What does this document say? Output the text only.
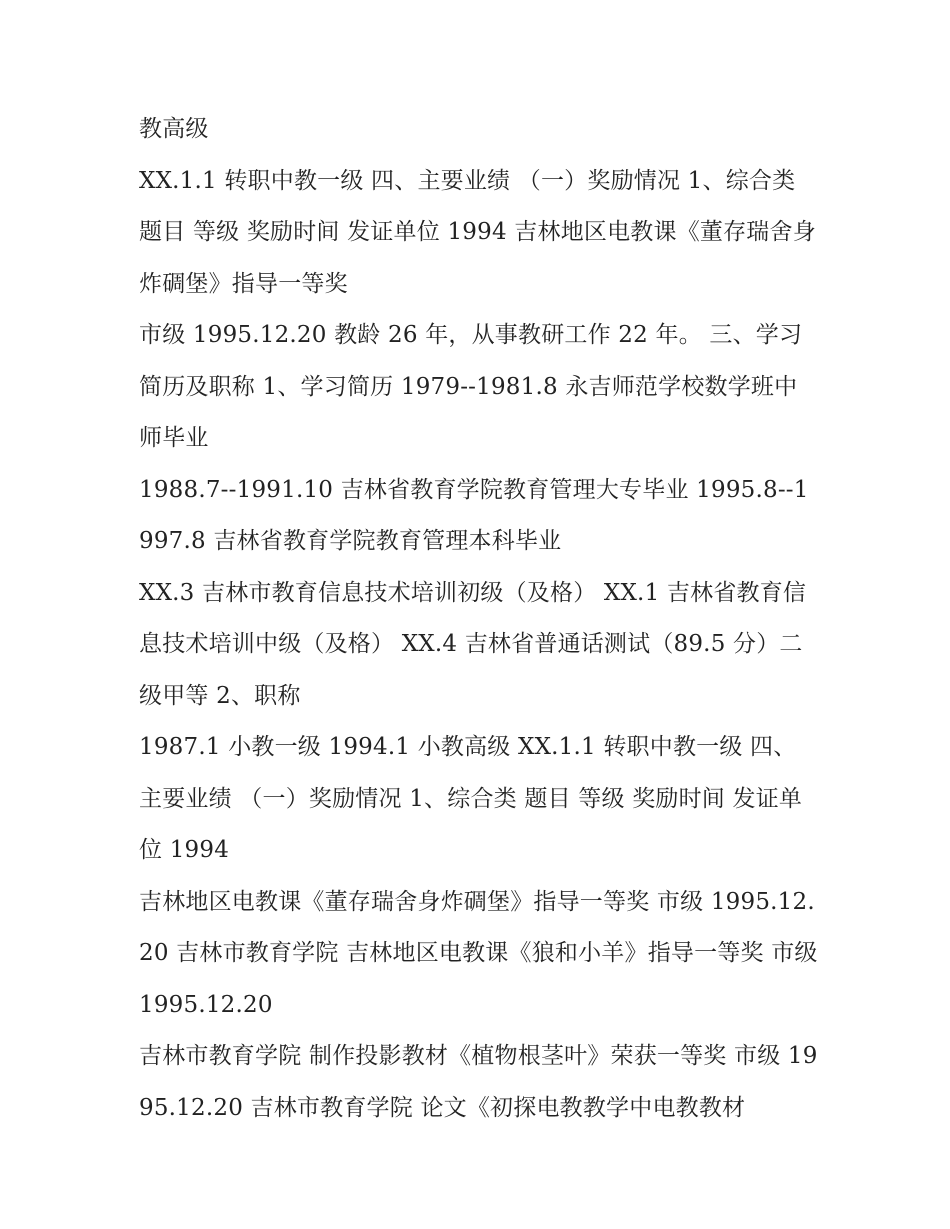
教高级

XX.1.1 转职中教一级 四、主要业绩 （一）奖励情况 1、综合类 题目 等级 奖励时间 发证单位 1994 吉林地区电教课《董存瑞舍身炸碉堡》指导一等奖

市级 1995.12.20 教龄 26 年，从事教研工作 22 年。 三、学习简历及职称 1、学习简历 1979--1981.8 永吉师范学校数学班中师毕业

1988.7--1991.10 吉林省教育学院教育管理大专毕业 1995.8--1997.8 吉林省教育学院教育管理本科毕业

XX.3 吉林市教育信息技术培训初级（及格） XX.1 吉林省教育信息技术培训中级（及格） XX.4 吉林省普通话测试（89.5 分）二级甲等 2、职称

1987.1 小教一级 1994.1 小教高级 XX.1.1 转职中教一级 四、主要业绩 （一）奖励情况 1、综合类 题目 等级 奖励时间 发证单位 1994

吉林地区电教课《董存瑞舍身炸碉堡》指导一等奖 市级 1995.12.20 吉林市教育学院 吉林地区电教课《狼和小羊》指导一等奖 市级 1995.12.20

吉林市教育学院 制作投影教材《植物根茎叶》荣获一等奖 市级 1995.12.20 吉林市教育学院 论文《初探电教教学中电教教材
